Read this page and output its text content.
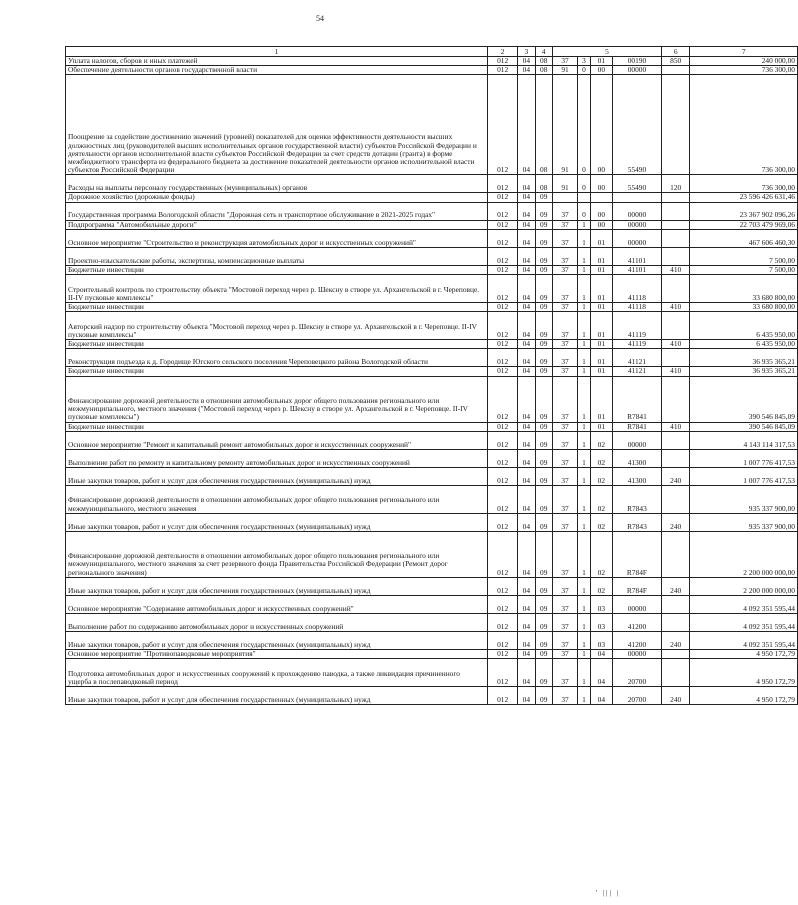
54
1	2	3	4	5				6	7
Уплата налогов, сборов и иных платежей	012	04	08	37	3	01	00190	850	240 000,00
Обеспечение деятельности органов государственной власти	012	04	08	91	0	00	00000		736 300,00
Поощрение за содействие достижению значений (уровней) показателей для оценки эффективности деятельности высших должностных лиц (руководителей высших исполнительных органов государственной власти) субъектов Российской Федерации и деятельности органов исполнительной власти субъектов Российской Федерации за счет средств дотации (гранта) в форме межбюджетного трансферта из федерального бюджета за достижение показателей деятельности органов исполнительной власти субъектов Российской Федерации	012	04	08	91	0	00	55490		736 300,00
Расходы на выплаты персоналу государственных (муниципальных) органов	012	04	08	91	0	00	55490	120	736 300,00
Дорожное хозяйство (дорожные фонды)	012	04	09						23 596 426 631,46
Государственная программа Вологодской области "Дорожная сеть и транспортное обслуживание в 2021-2025 годах"	012	04	09	37	0	00	00000		23 367 902 096,26
Подпрограмма "Автомобильные дороги"	012	04	09	37	1	00	00000		22 703 479 969,06
Основное мероприятие "Строительство и реконструкция автомобильных дорог и искусственных сооружений"	012	04	09	37	1	01	00000		467 606 460,30
Проектно-изыскательские работы, экспертизы, компенсационные выплаты	012	04	09	37	1	01	41101		7 500,00
Бюджетные инвестиции	012	04	09	37	1	01	41101	410	7 500,00
Строительный контроль по строительству объекта "Мостовой переход через р. Шексну в створе ул. Архангельской в г. Череповце. II-IV пусковые комплексы"	012	04	09	37	1	01	41118		33 680 800,00
Бюджетные инвестиции	012	04	09	37	1	01	41118	410	33 680 800,00
Авторский надзор по строительству объекта "Мостовой переход через р. Шексну в створе ул. Архангельской в г. Череповце. II-IV пусковые комплексы"	012	04	09	37	1	01	41119		6 435 950,00
Бюджетные инвестиции	012	04	09	37	1	01	41119	410	6 435 950,00
Реконструкция подъезда к д. Городище Югского сельского поселения Череповецкого района Вологодской области	012	04	09	37	1	01	41121		36 935 365,21
Бюджетные инвестиции	012	04	09	37	1	01	41121	410	36 935 365,21
Финансирование дорожной деятельности в отношении автомобильных дорог общего пользования регионального или межмуниципального, местного значения ("Мостовой переход через р. Шексну в створе ул. Архангельской в г. Череповце. II-IV пусковые комплексы")	012	04	09	37	1	01	R7841		390 546 845,09
Бюджетные инвестиции	012	04	09	37	1	01	R7841	410	390 546 845,09
Основное мероприятие "Ремонт и капитальный ремонт автомобильных дорог и искусственных сооружений"	012	04	09	37	1	02	00000		4 143 114 317,53
Выполнение работ по ремонту и капитальному ремонту автомобильных дорог и искусственных сооружений	012	04	09	37	1	02	41300		1 007 776 417,53
Иные закупки товаров, работ и услуг для обеспечения государственных (муниципальных) нужд	012	04	09	37	1	02	41300	240	1 007 776 417,53
Финансирование дорожной деятельности в отношении автомобильных дорог общего пользования регионального или межмуниципального, местного значения	012	04	09	37	1	02	R7843		935 337 900,00
Иные закупки товаров, работ и услуг для обеспечения государственных (муниципальных) нужд	012	04	09	37	1	02	R7843	240	935 337 900,00
Финансирование дорожной деятельности в отношении автомобильных дорог общего пользования регионального или межмуниципального, местного значения за счет резервного фонда Правительства Российской Федерации (Ремонт дорог регионального значения)	012	04	09	37	1	02	R784F		2 200 000 000,00
Иные закупки товаров, работ и услуг для обеспечения государственных (муниципальных) нужд	012	04	09	37	1	02	R784F	240	2 200 000 000,00
Основное мероприятие "Содержание автомобильных дорог и искусственных сооружений"	012	04	09	37	1	03	00000		4 092 351 595,44
Выполнение работ по содержанию автомобильных дорог и искусственных сооружений	012	04	09	37	1	03	41200		4 092 351 595,44
Иные закупки товаров, работ и услуг для обеспечения государственных (муниципальных) нужд	012	04	09	37	1	03	41200	240	4 092 351 595,44
Основное мероприятие "Противопаводковые мероприятия"	012	04	09	37	1	04	00000		4 950 172,79
Подготовка автомобильных дорог и искусственных сооружений к прохождению паводка, а также ликвидация причиненного ущерба в послепаводковый период	012	04	09	37	1	04	20700		4 950 172,79
Иные закупки товаров, работ и услуг для обеспечения государственных (муниципальных) нужд	012	04	09	37	1	04	20700	240	4 950 172,79
' ||| |
